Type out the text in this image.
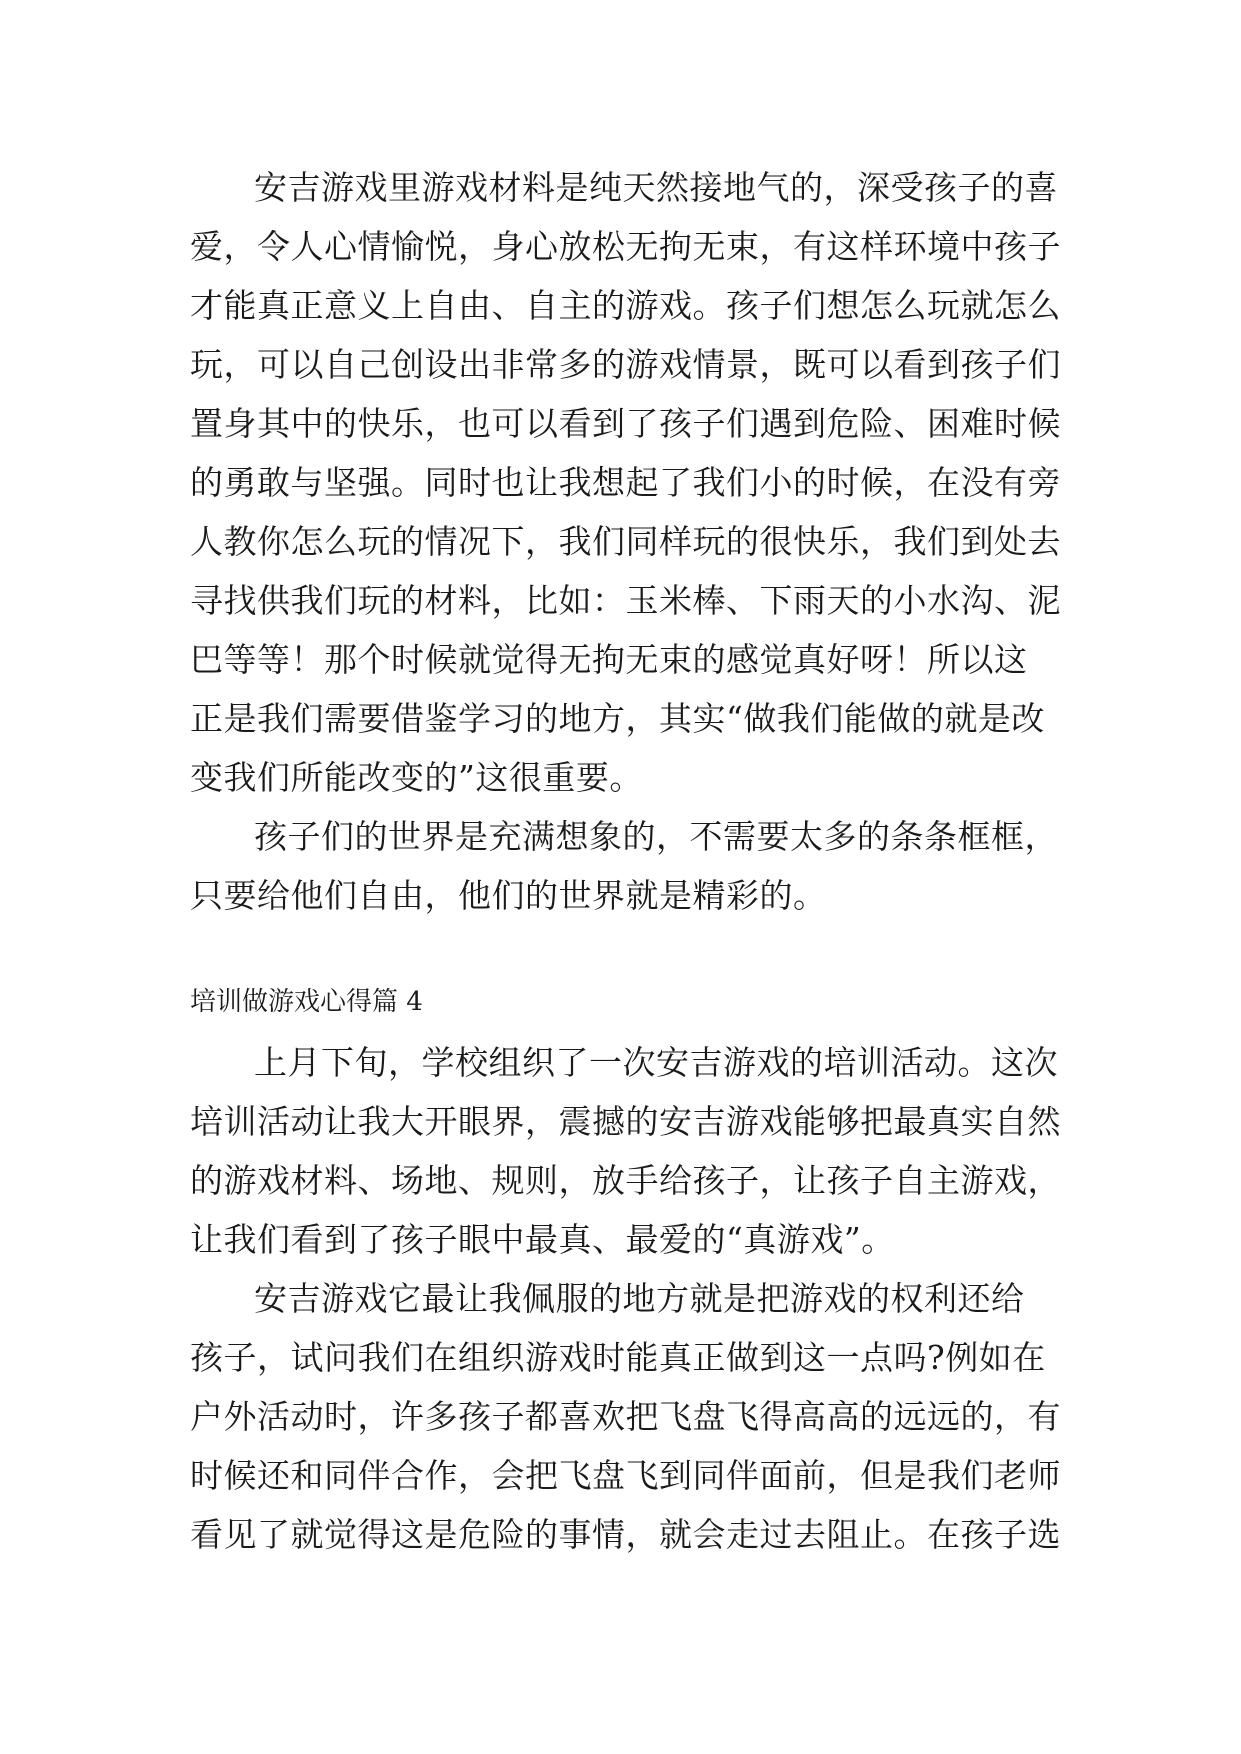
安吉游戏里游戏材料是纯天然接地气的，深受孩子的喜
爱，令人心情愉悦，身心放松无拘无束，有这样环境中孩子
才能真正意义上自由、自主的游戏。孩子们想怎么玩就怎么
玩，可以自己创设出非常多的游戏情景，既可以看到孩子们
置身其中的快乐，也可以看到了孩子们遇到危险、困难时候
的勇敢与坚强。同时也让我想起了我们小的时候，在没有旁
人教你怎么玩的情况下，我们同样玩的很快乐，我们到处去
寻找供我们玩的材料，比如：玉米棒、下雨天的小水沟、泥
巴等等！那个时候就觉得无拘无束的感觉真好呀！所以这
正是我们需要借鉴学习的地方，其实“做我们能做的就是改
变我们所能改变的”这很重要。
孩子们的世界是充满想象的，不需要太多的条条框框，
只要给他们自由，他们的世界就是精彩的。
培训做游戏心得篇 4
上月下旬，学校组织了一次安吉游戏的培训活动。这次
培训活动让我大开眼界，震撼的安吉游戏能够把最真实自然
的游戏材料、场地、规则，放手给孩子，让孩子自主游戏，
让我们看到了孩子眼中最真、最爱的“真游戏”。
安吉游戏它最让我佩服的地方就是把游戏的权利还给
孩子，试问我们在组织游戏时能真正做到这一点吗?例如在
户外活动时，许多孩子都喜欢把飞盘飞得高高的远远的，有
时候还和同伴合作，会把飞盘飞到同伴面前，但是我们老师
看见了就觉得这是危险的事情，就会走过去阻止。在孩子选
